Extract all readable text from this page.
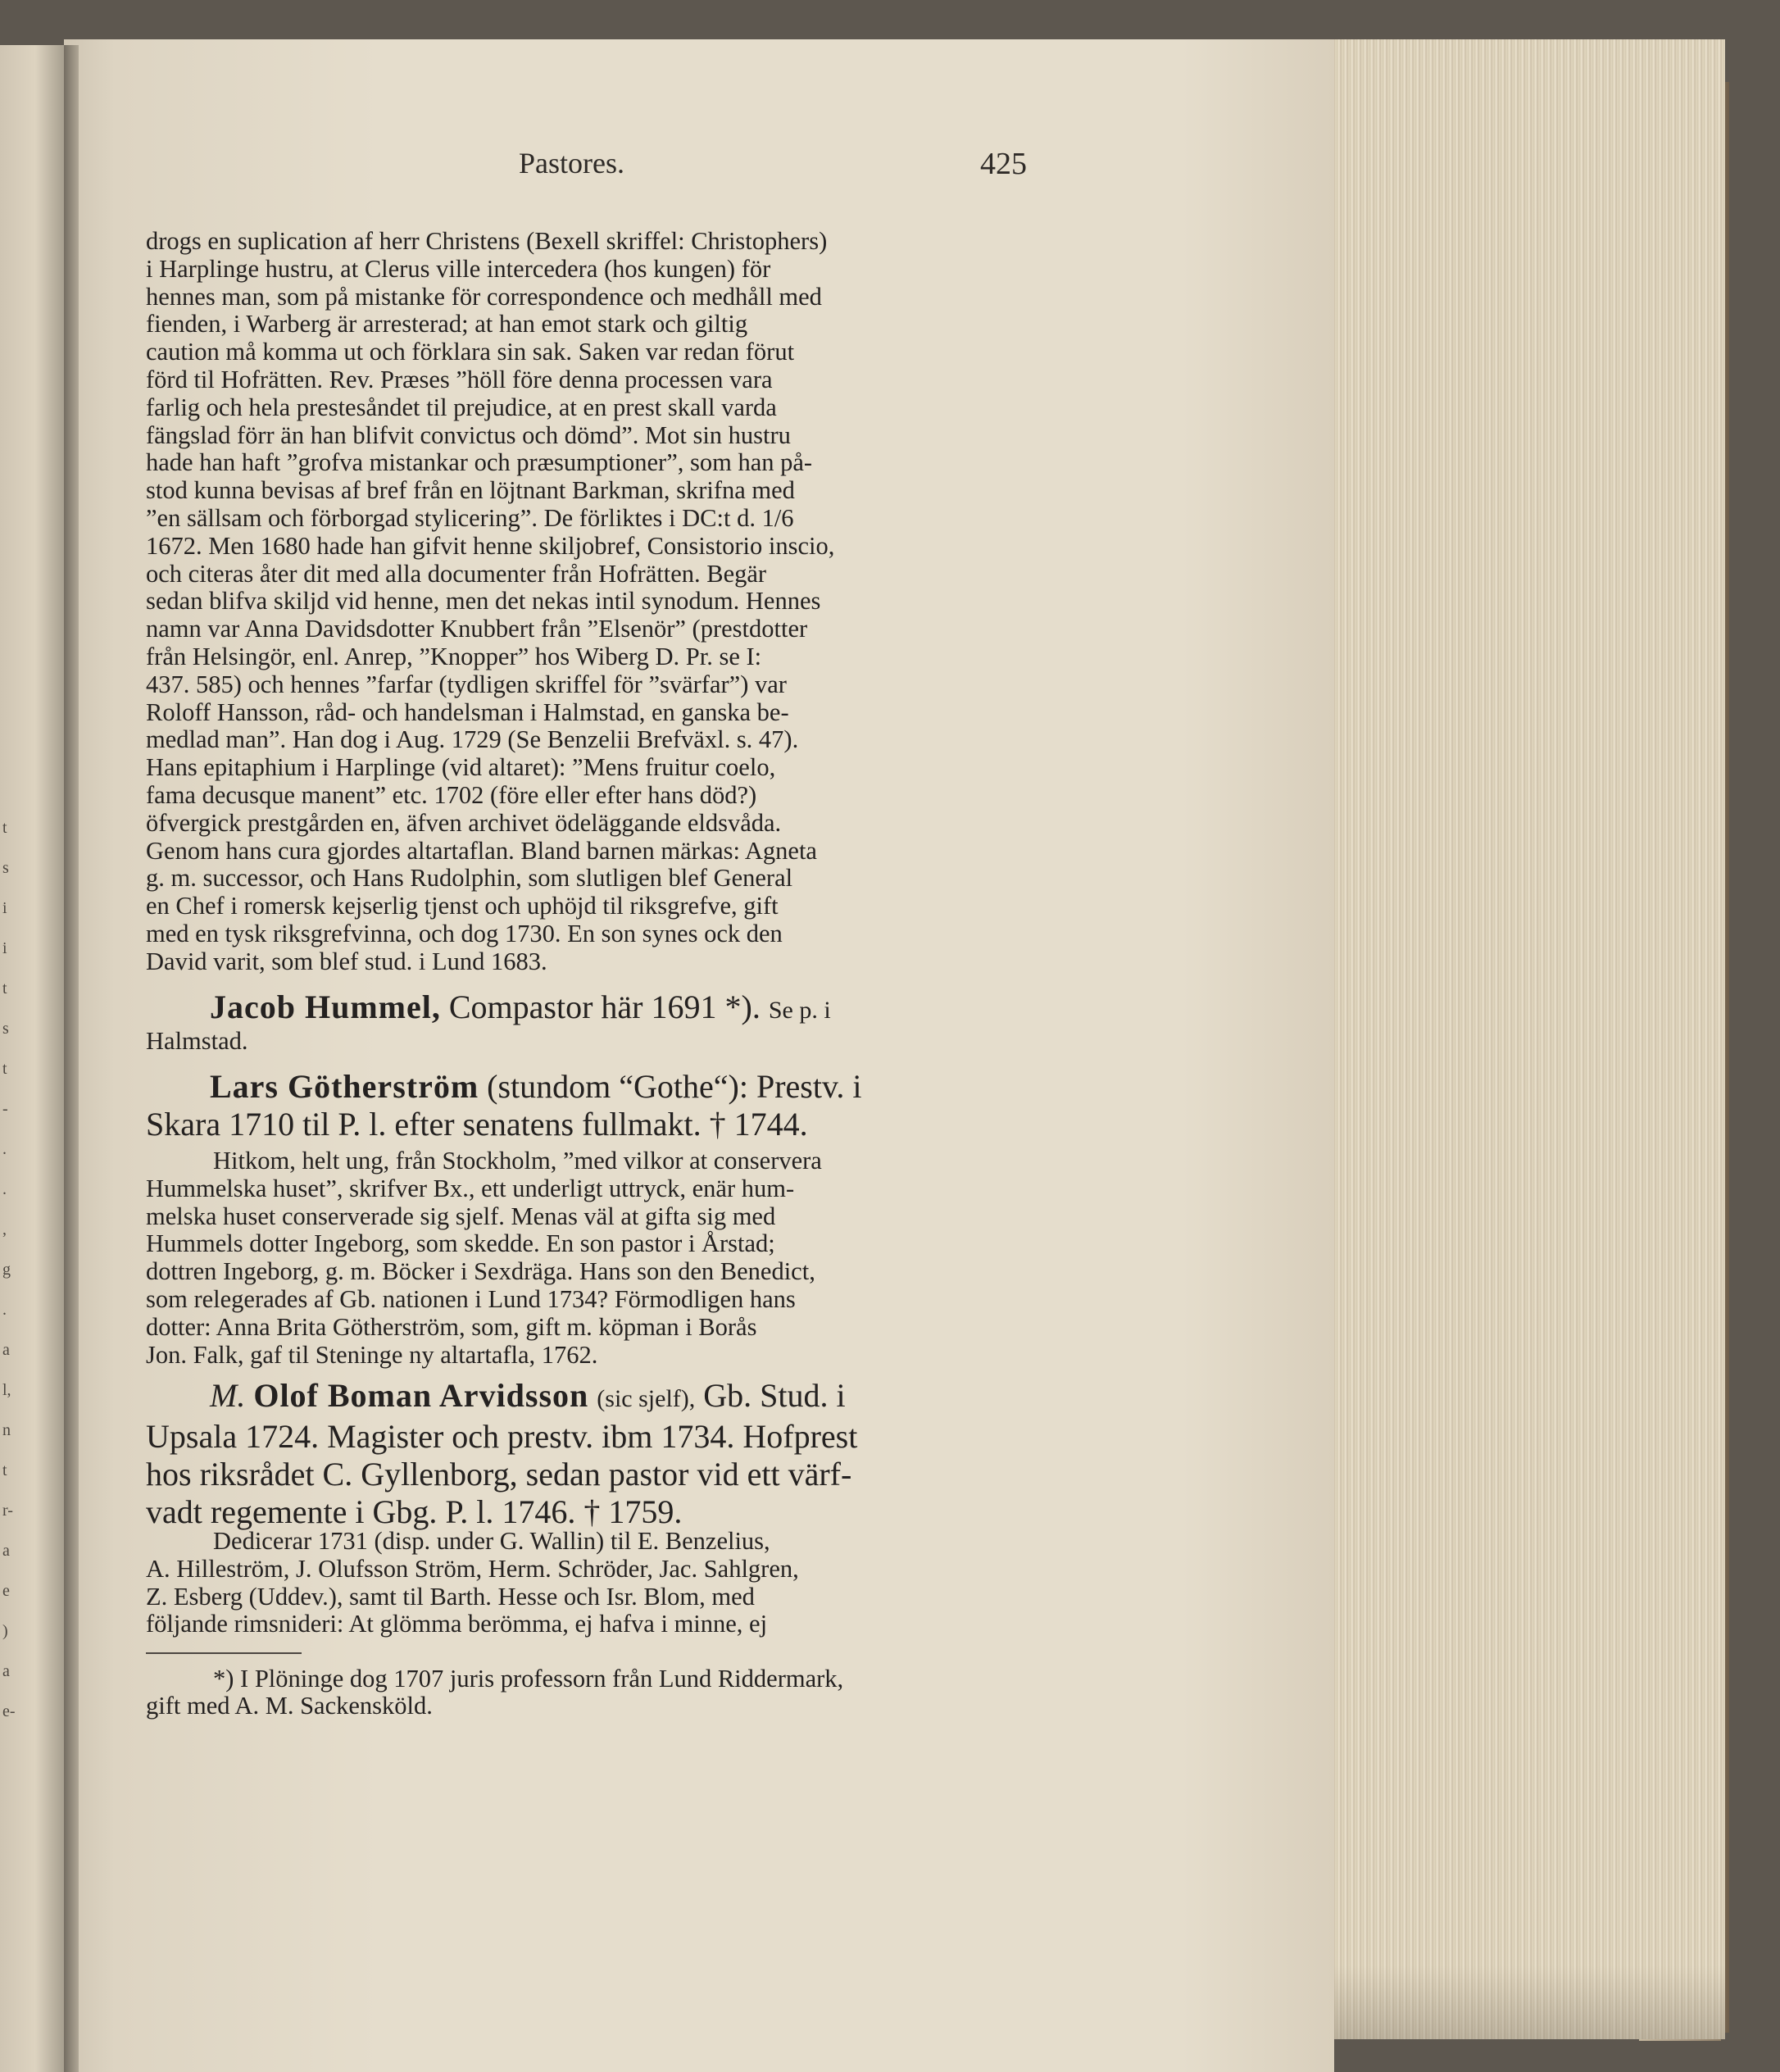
t
s
i
i
t
s
t
-
.
.
,
g
.
a
l,
n
t
r-
a
e
)
a
e-
Pastores.	425
drogs en suplication af herr Christens (Bexell skriffel: Christophers)
i Harplinge hustru, at Clerus ville intercedera (hos kungen) för
hennes man, som på mistanke för correspondence och medhåll med
fienden, i Warberg är arresterad; at han emot stark och giltig
caution må komma ut och förklara sin sak. Saken var redan förut
förd til Hofrätten. Rev. Præses ”höll före denna processen vara
farlig och hela prestesåndet til prejudice, at en prest skall varda
fängslad förr än han blifvit convictus och dömd”. Mot sin hustru
hade han haft ”grofva mistankar och præsumptioner”, som han på-
stod kunna bevisas af bref från en löjtnant Barkman, skrifna med
”en sällsam och förborgad stylicering”. De förliktes i DC:t d. 1/6
1672. Men 1680 hade han gifvit henne skiljobref, Consistorio inscio,
och citeras åter dit med alla documenter från Hofrätten. Begär
sedan blifva skiljd vid henne, men det nekas intil synodum. Hennes
namn var Anna Davidsdotter Knubbert från ”Elsenör” (prestdotter
från Helsingör, enl. Anrep, ”Knopper” hos Wiberg D. Pr. se I:
437. 585) och hennes ”farfar (tydligen skriffel för ”svärfar”) var
Roloff Hansson, råd- och handelsman i Halmstad, en ganska be-
medlad man”. Han dog i Aug. 1729 (Se Benzelii Brefväxl. s. 47).
Hans epitaphium i Harplinge (vid altaret): ”Mens fruitur coelo,
fama decusque manent” etc. 1702 (före eller efter hans död?)
öfvergick prestgården en, äfven archivet ödeläggande eldsvåda.
Genom hans cura gjordes altartaflan. Bland barnen märkas: Agneta
g. m. successor, och Hans Rudolphin, som slutligen blef General
en Chef i romersk kejserlig tjenst och uphöjd til riksgrefve, gift
med en tysk riksgrefvinna, och dog 1730. En son synes ock den
David varit, som blef stud. i Lund 1683.
Jacob Hummel, Compastor här 1691 *). Se p. i
Halmstad.
Lars Götherström (stundom “Gothe“): Prestv. i
Skara 1710 til P. l. efter senatens fullmakt. † 1744.
Hitkom, helt ung, från Stockholm, ”med vilkor at conservera
Hummelska huset”, skrifver Bx., ett underligt uttryck, enär hum-
melska huset conserverade sig sjelf. Menas väl at gifta sig med
Hummels dotter Ingeborg, som skedde. En son pastor i Årstad;
dottren Ingeborg, g. m. Böcker i Sexdräga. Hans son den Benedict,
som relegerades af Gb. nationen i Lund 1734? Förmodligen hans
dotter: Anna Brita Götherström, som, gift m. köpman i Borås
Jon. Falk, gaf til Steninge ny altartafla, 1762.
M. Olof Boman Arvidsson (sic sjelf), Gb. Stud. i
Upsala 1724. Magister och prestv. ibm 1734. Hofprest
hos riksrådet C. Gyllenborg, sedan pastor vid ett värf-
vadt regemente i Gbg. P. l. 1746. † 1759.
Dedicerar 1731 (disp. under G. Wallin) til E. Benzelius,
A. Hilleström, J. Olufsson Ström, Herm. Schröder, Jac. Sahlgren,
Z. Esberg (Uddev.), samt til Barth. Hesse och Isr. Blom, med
följande rimsnideri: At glömma berömma, ej hafva i minne, ej
*) I Plöninge dog 1707 juris professorn från Lund Riddermark,
gift med A. M. Sackensköld.
